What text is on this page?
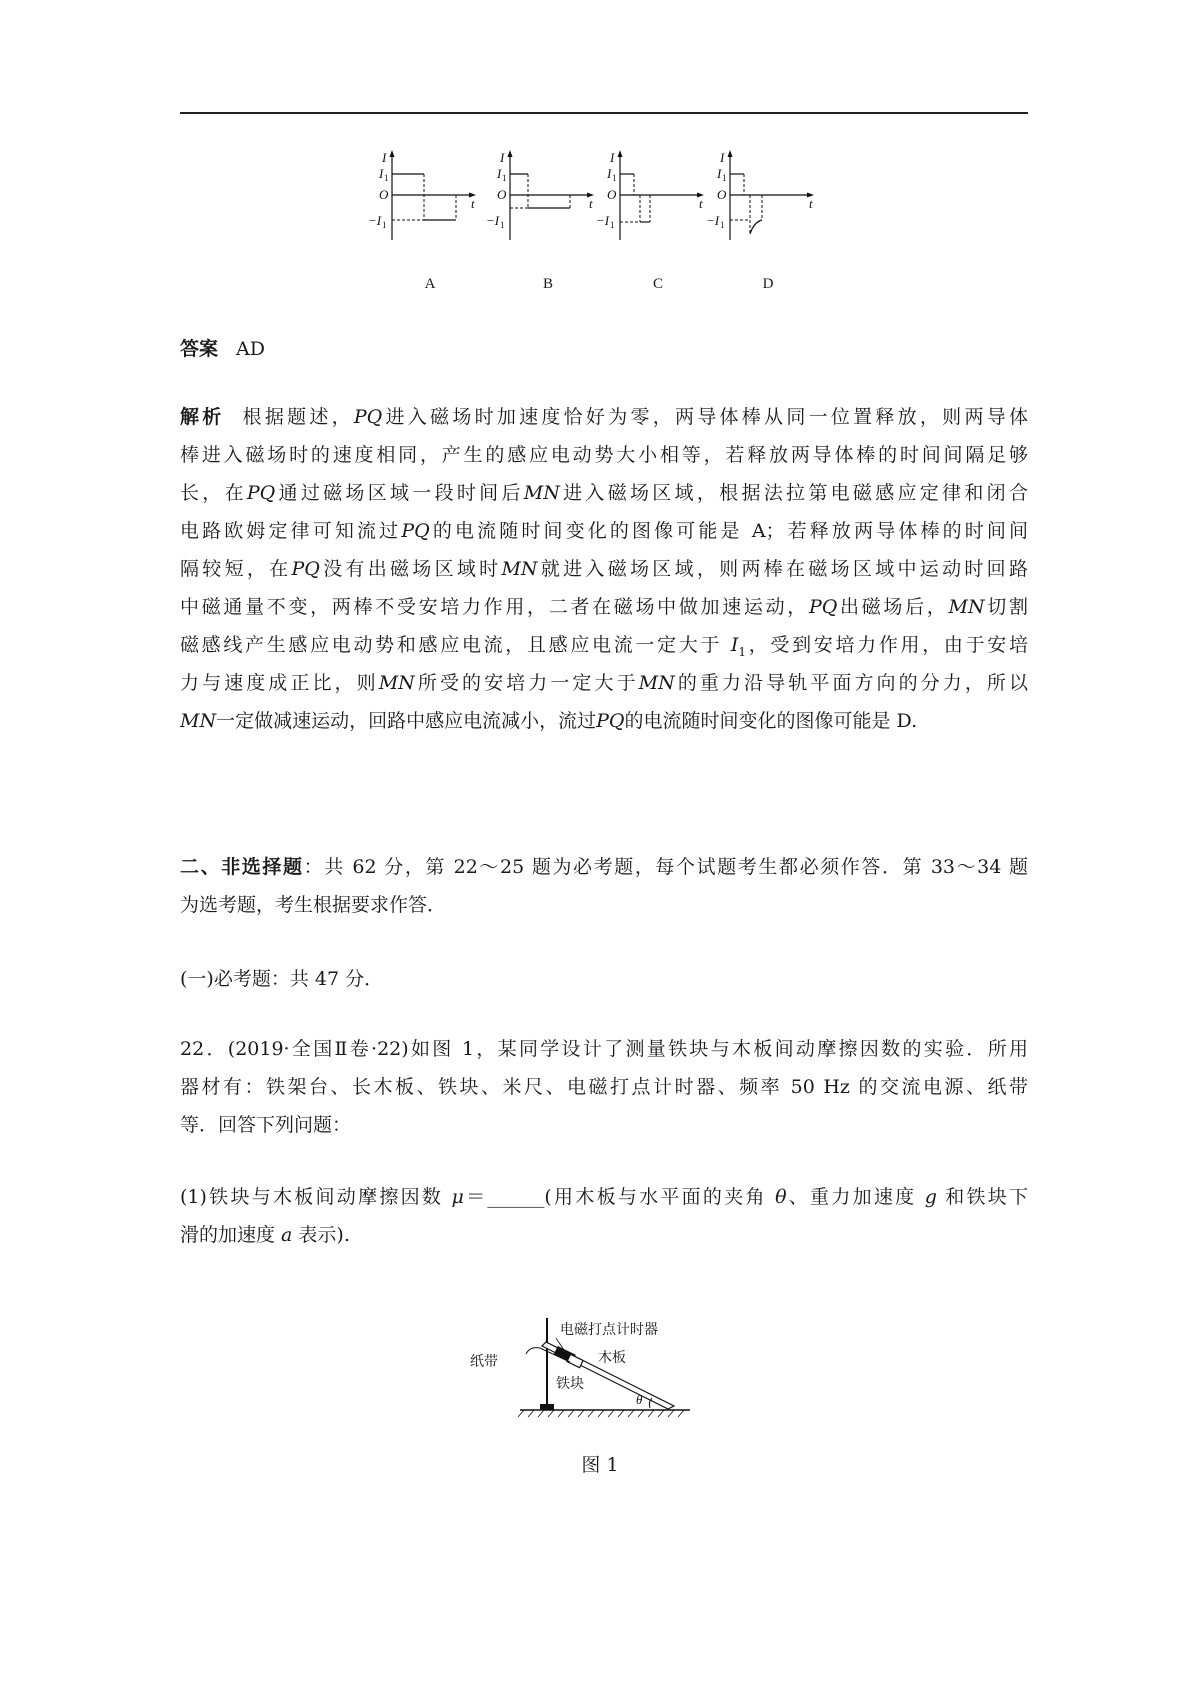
I
t
O
I 1
−I 1
A
I
t
O
I 1
−I 1
B
I
t
O
I 1
−I 1
C
I
t
O
I 1
−I 1
D
答案 AD
解析 根据题述，PQ进入磁场时加速度恰好为零，两导体棒从同一位置释放，则两导体
棒进入磁场时的速度相同，产生的感应电动势大小相等，若释放两导体棒的时间间隔足够
长，在PQ通过磁场区域一段时间后MN进入磁场区域，根据法拉第电磁感应定律和闭合
电路欧姆定律可知流过PQ的电流随时间变化的图像可能是 A；若释放两导体棒的时间间
隔较短，在PQ没有出磁场区域时MN就进入磁场区域，则两棒在磁场区域中运动时回路
中磁通量不变，两棒不受安培力作用，二者在磁场中做加速运动，PQ出磁场后，MN切割
磁感线产生感应电动势和感应电流，且感应电流一定大于 $I_1$，受到安培力作用，由于安培
力与速度成正比，则MN所受的安培力一定大于MN的重力沿导轨平面方向的分力，所以
MN一定做减速运动，回路中感应电流减小，流过PQ的电流随时间变化的图像可能是 D.
二、非选择题：共 62 分，第 22～25 题为必考题，每个试题考生都必须作答．第 33～34 题
为选考题，考生根据要求作答．
(一)必考题：共 47 分．
22．(2019·全国Ⅱ卷·22)如图 1，某同学设计了测量铁块与木板间动摩擦因数的实验．所用
器材有：铁架台、长木板、铁块、米尺、电磁打点计时器、频率 50 Hz 的交流电源、纸带
等．回答下列问题：
(1)铁块与木板间动摩擦因数 μ＝______(用木板与水平面的夹角 θ、重力加速度 g 和铁块下
滑的加速度 a 表示).
电磁打点计时器
纸带	木板
铁块
θ
图 1
